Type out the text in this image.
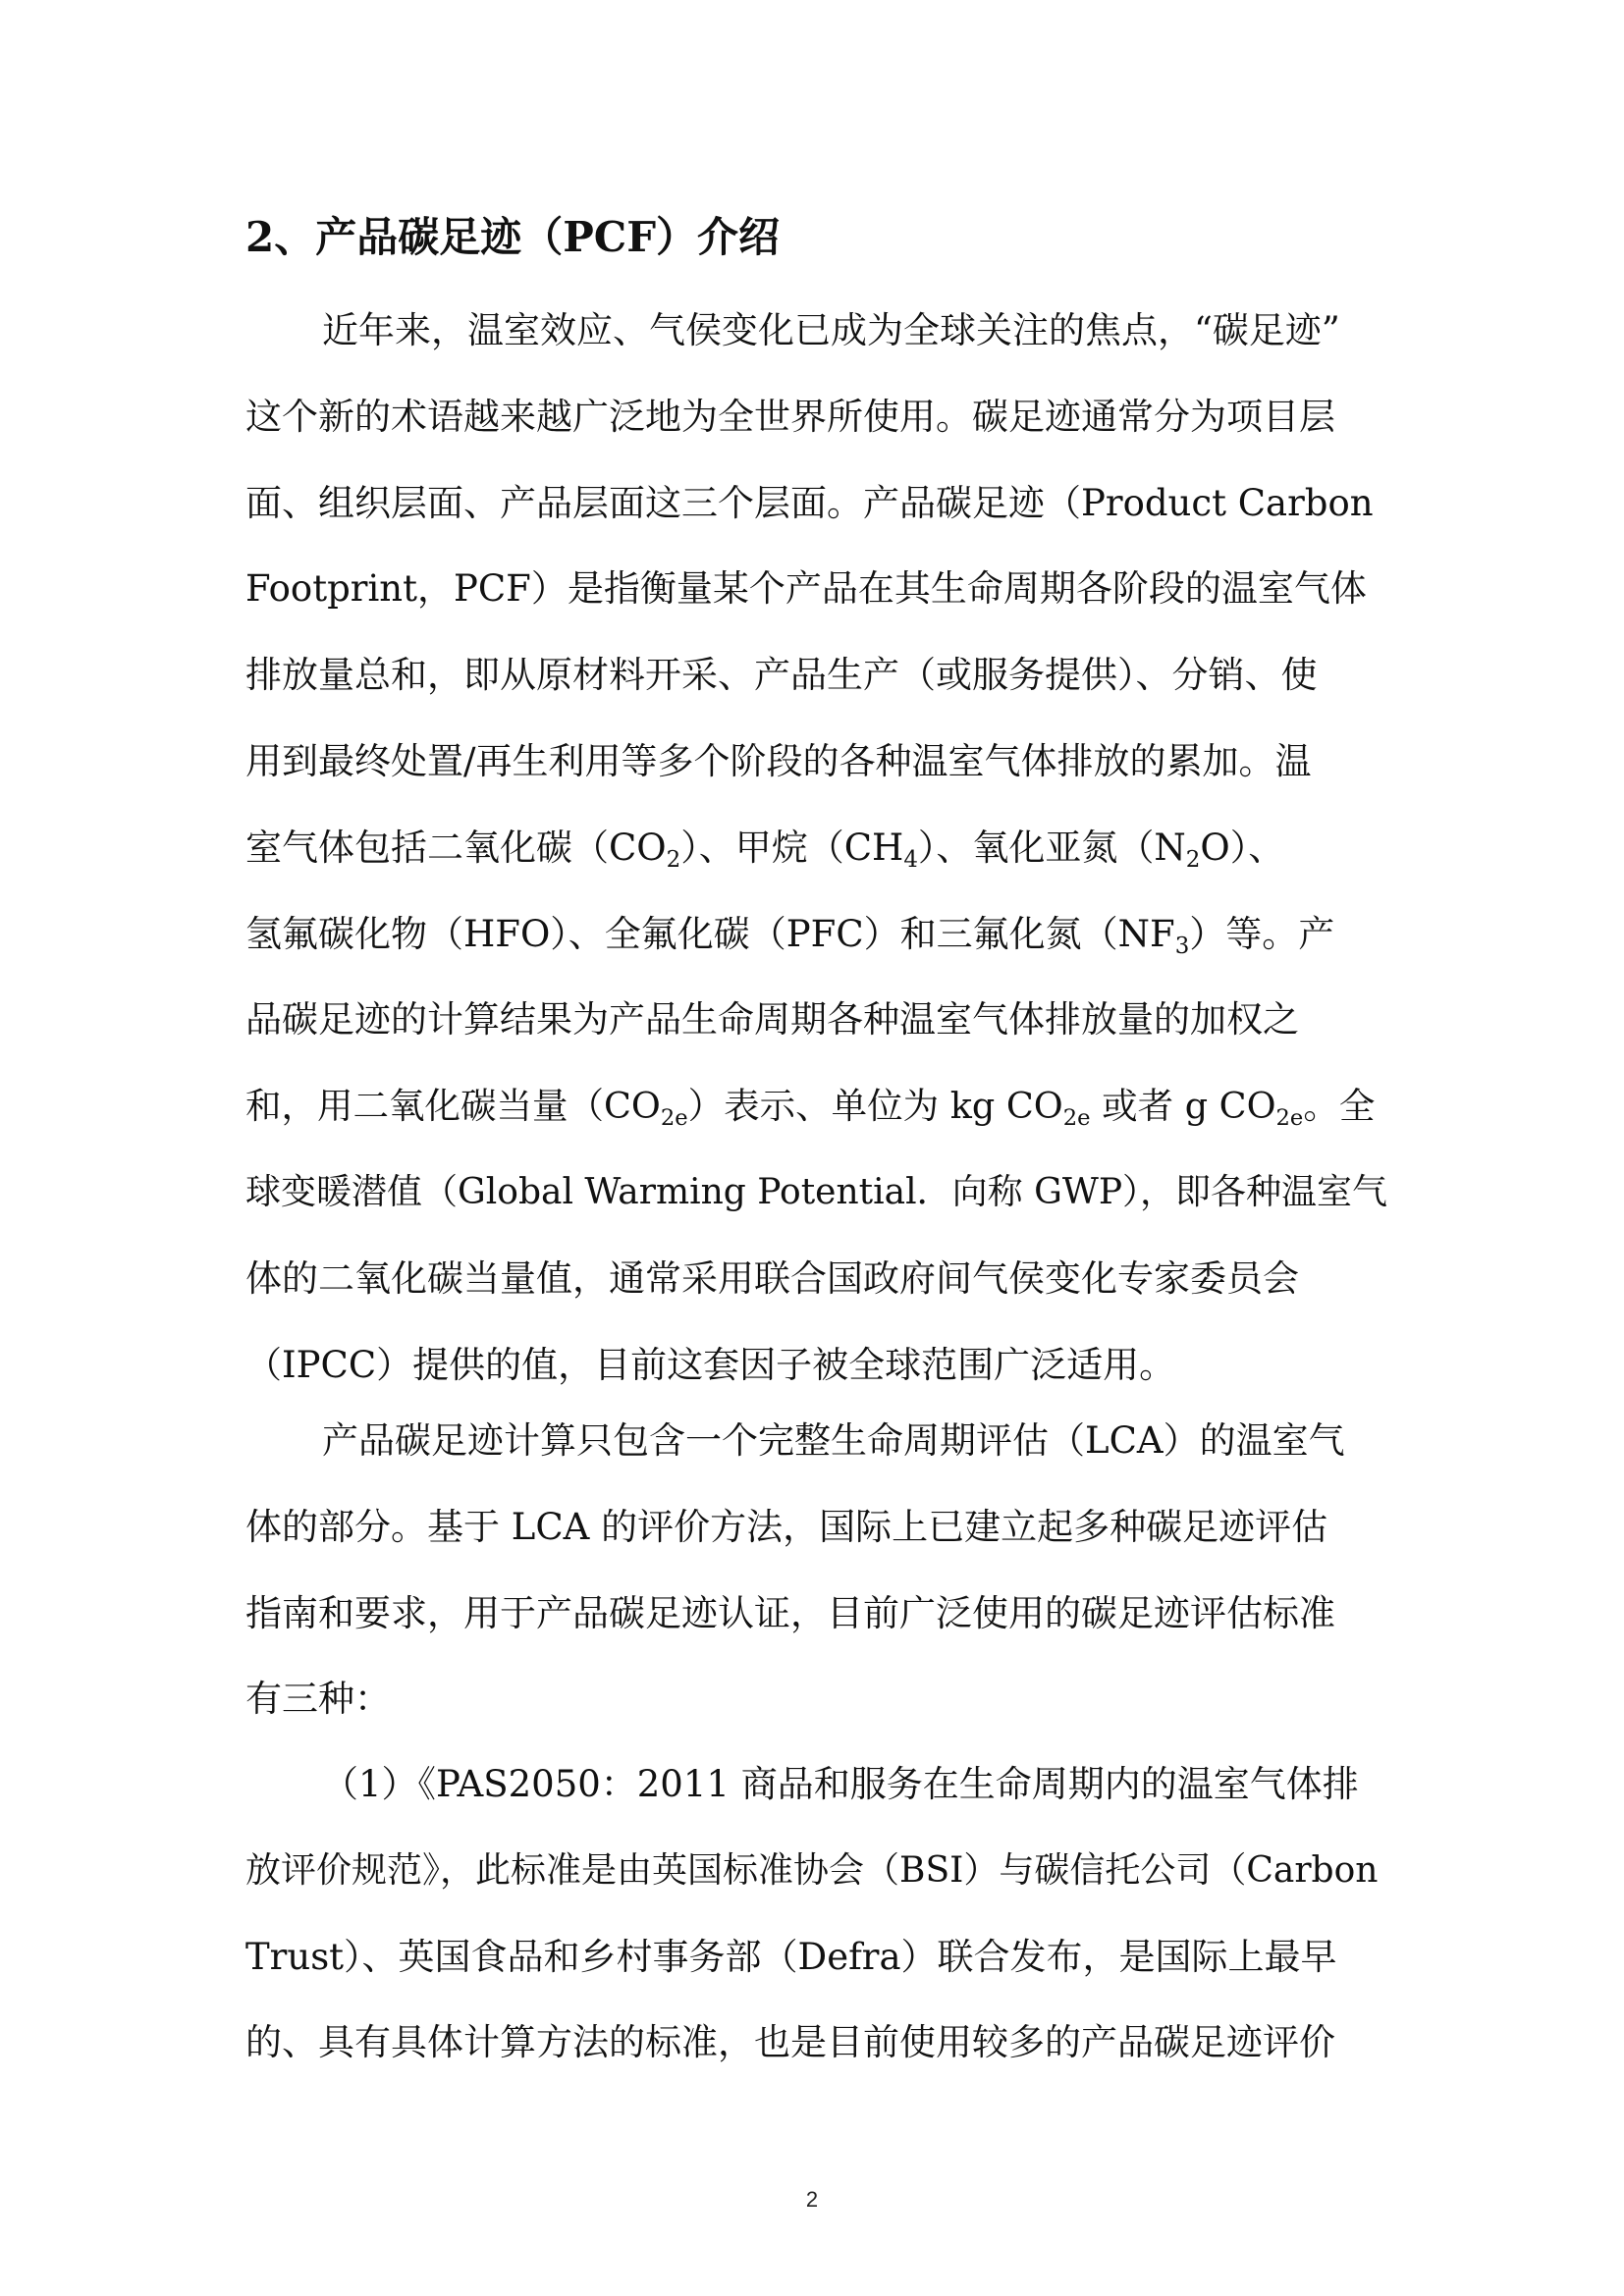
2、产品碳足迹（PCF）介绍
近年来，温室效应、气侯变化已成为全球关注的焦点，“碳足迹”
这个新的术语越来越广泛地为全世界所使用。碳足迹通常分为项目层
面、组织层面、产品层面这三个层面。产品碳足迹（Product Carbon
Footprint，PCF）是指衡量某个产品在其生命周期各阶段的温室气体
排放量总和，即从原材料开采、产品生产（或服务提供）、分销、使
用到最终处置/再生利用等多个阶段的各种温室气体排放的累加。温
室气体包括二氧化碳$(CO_2)$、甲烷$(CH_4)$、氧化亚氮$(N_2O)$、
氢氟碳化物（HFO）、全氟化碳（PFC）和三氟化氮$(NF_3)$等。产
品碳足迹的计算结果为产品生命周期各种温室气体排放量的加权之
和，用二氧化碳当量$(CO_{2e})$表示、单位为 kg $CO_{2e}$ 或者 g $CO_{2e}$。全
球变暖潜值（Global Warming Potential．向称 GWP），即各种温室气
体的二氧化碳当量值，通常采用联合国政府间气侯变化专家委员会
（IPCC）提供的值，目前这套因子被全球范围广泛适用。
产品碳足迹计算只包含一个完整生命周期评估（LCA）的温室气
体的部分。基于 LCA 的评价方法，国际上已建立起多种碳足迹评估
指南和要求，用于产品碳足迹认证，目前广泛使用的碳足迹评估标准
有三种：
（1）《PAS2050：2011 商品和服务在生命周期内的温室气体排
放评价规范》，此标准是由英国标准协会（BSI）与碳信托公司（Carbon
Trust）、英国食品和乡村事务部（Defra）联合发布，是国际上最早
的、具有具体计算方法的标准，也是目前使用较多的产品碳足迹评价
2
